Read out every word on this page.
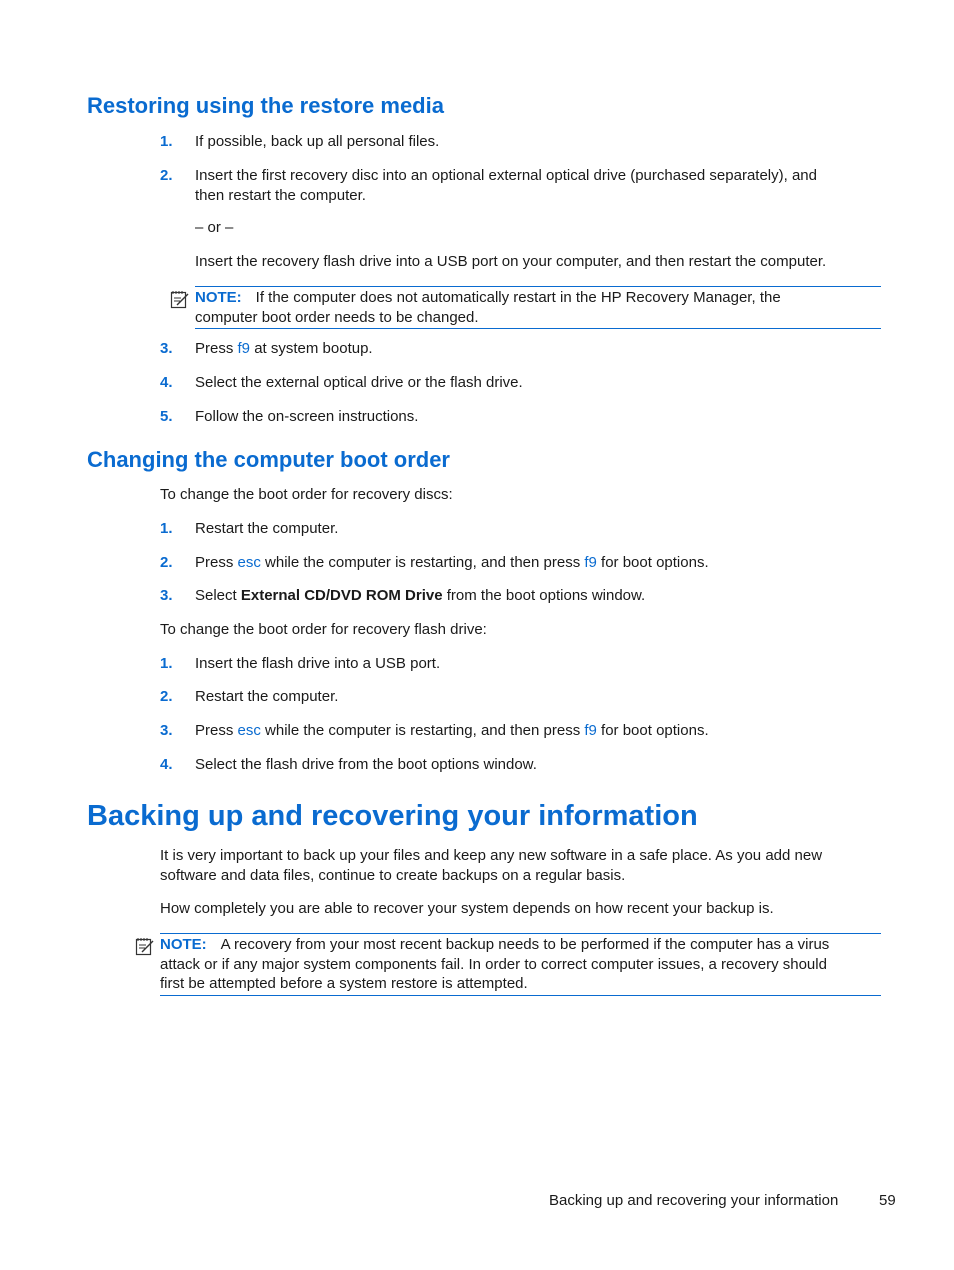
Restoring using the restore media
1. If possible, back up all personal files.
2. Insert the first recovery disc into an optional external optical drive (purchased separately), and
then restart the computer.
– or –
Insert the recovery flash drive into a USB port on your computer, and then restart the computer.
NOTE: If the computer does not automatically restart in the HP Recovery Manager, the
computer boot order needs to be changed.
3. Press f9 at system bootup.
4. Select the external optical drive or the flash drive.
5. Follow the on-screen instructions.
Changing the computer boot order
To change the boot order for recovery discs:
1. Restart the computer.
2. Press esc while the computer is restarting, and then press f9 for boot options.
3. Select External CD/DVD ROM Drive from the boot options window.
To change the boot order for recovery flash drive:
1. Insert the flash drive into a USB port.
2. Restart the computer.
3. Press esc while the computer is restarting, and then press f9 for boot options.
4. Select the flash drive from the boot options window.
Backing up and recovering your information
It is very important to back up your files and keep any new software in a safe place. As you add new
software and data files, continue to create backups on a regular basis.
How completely you are able to recover your system depends on how recent your backup is.
NOTE: A recovery from your most recent backup needs to be performed if the computer has a virus
attack or if any major system components fail. In order to correct computer issues, a recovery should
first be attempted before a system restore is attempted.
Backing up and recovering your information	59
